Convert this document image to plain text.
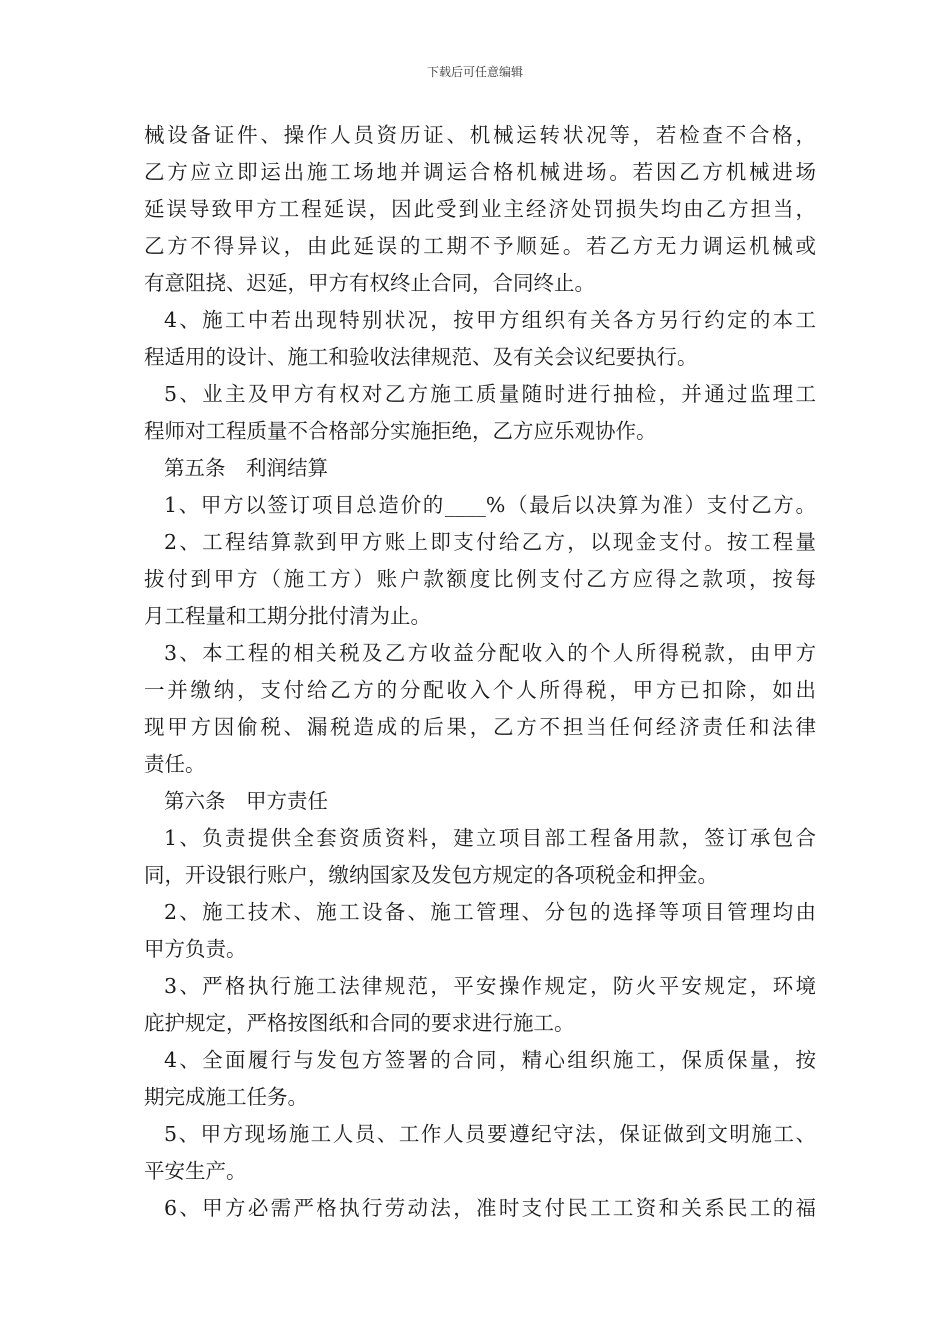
下载后可任意编辑
械设备证件、操作人员资历证、机械运转状况等，若检查不合格，
乙方应立即运出施工场地并调运合格机械进场。若因乙方机械进场
延误导致甲方工程延误，因此受到业主经济处罚损失均由乙方担当，
乙方不得异议，由此延误的工期不予顺延。若乙方无力调运机械或
有意阻挠、迟延，甲方有权终止合同，合同终止。
4、施工中若出现特别状况，按甲方组织有关各方另行约定的本工
程适用的设计、施工和验收法律规范、及有关会议纪要执行。
5、业主及甲方有权对乙方施工质量随时进行抽检，并通过监理工
程师对工程质量不合格部分实施拒绝，乙方应乐观协作。
第五条　利润结算
1、甲方以签订项目总造价的____%（最后以决算为准）支付乙方。
2、工程结算款到甲方账上即支付给乙方，以现金支付。按工程量
拔付到甲方（施工方）账户款额度比例支付乙方应得之款项，按每
月工程量和工期分批付清为止。
3、本工程的相关税及乙方收益分配收入的个人所得税款，由甲方
一并缴纳，支付给乙方的分配收入个人所得税，甲方已扣除，如出
现甲方因偷税、漏税造成的后果，乙方不担当任何经济责任和法律
责任。
第六条　甲方责任
1、负责提供全套资质资料，建立项目部工程备用款，签订承包合
同，开设银行账户，缴纳国家及发包方规定的各项税金和押金。
2、施工技术、施工设备、施工管理、分包的选择等项目管理均由
甲方负责。
3、严格执行施工法律规范，平安操作规定，防火平安规定，环境
庇护规定，严格按图纸和合同的要求进行施工。
4、全面履行与发包方签署的合同，精心组织施工，保质保量，按
期完成施工任务。
5、甲方现场施工人员、工作人员要遵纪守法，保证做到文明施工、
平安生产。
6、甲方必需严格执行劳动法，准时支付民工工资和关系民工的福
